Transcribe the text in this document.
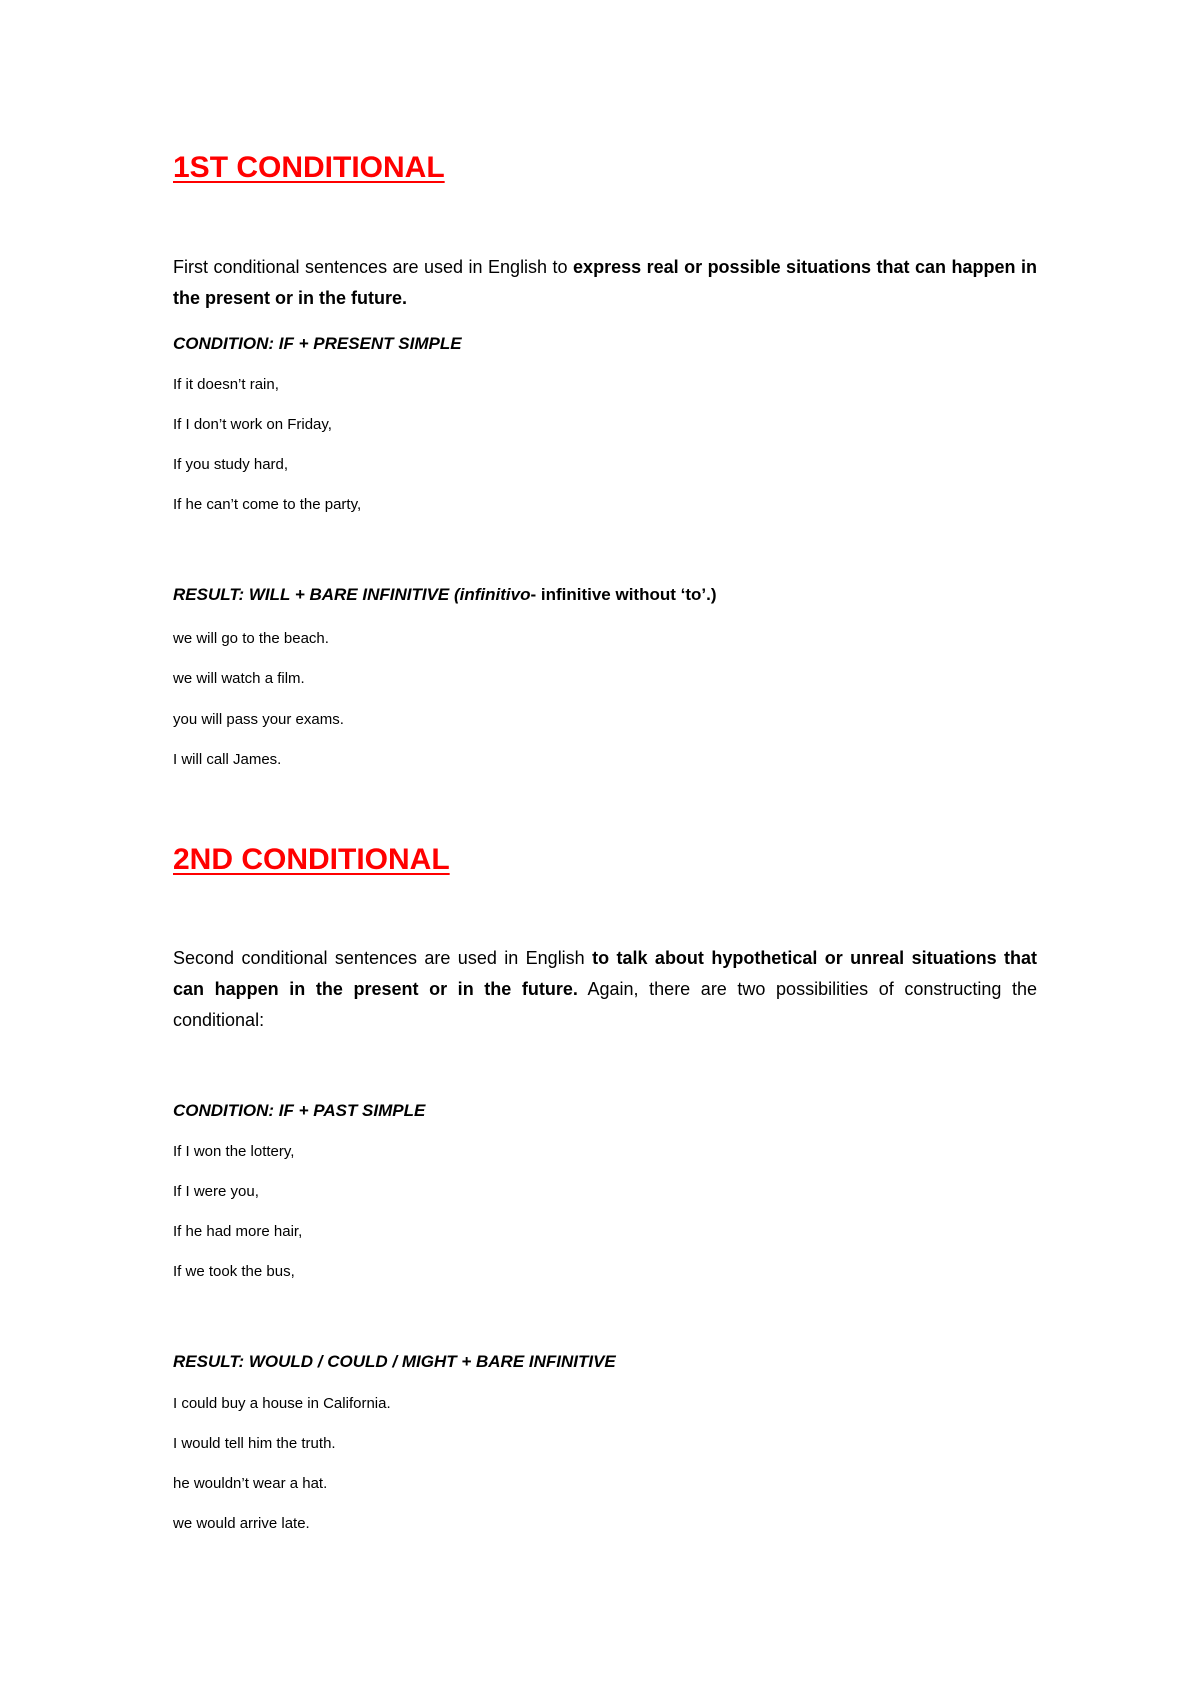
1ST CONDITIONAL

First conditional sentences are used in English to express real or possible situations that can happen in the present or in the future.

CONDITION: IF + PRESENT SIMPLE

If it doesn’t rain,

If I don’t work on Friday,

If you study hard,

If he can’t come to the party,

RESULT: WILL + BARE INFINITIVE (infinitivo- infinitive without ‘to’.)

we will go to the beach.

we will watch a film.

you will pass your exams.

I will call James.

2ND CONDITIONAL

Second conditional sentences are used in English to talk about hypothetical or unreal situations that can happen in the present or in the future. Again, there are two possibilities of constructing the conditional:

CONDITION: IF + PAST SIMPLE

If I won the lottery,

If I were you,

If he had more hair,

If we took the bus,

RESULT: WOULD / COULD / MIGHT + BARE INFINITIVE

I could buy a house in California.

I would tell him the truth.

he wouldn’t wear a hat.

we would arrive late.
